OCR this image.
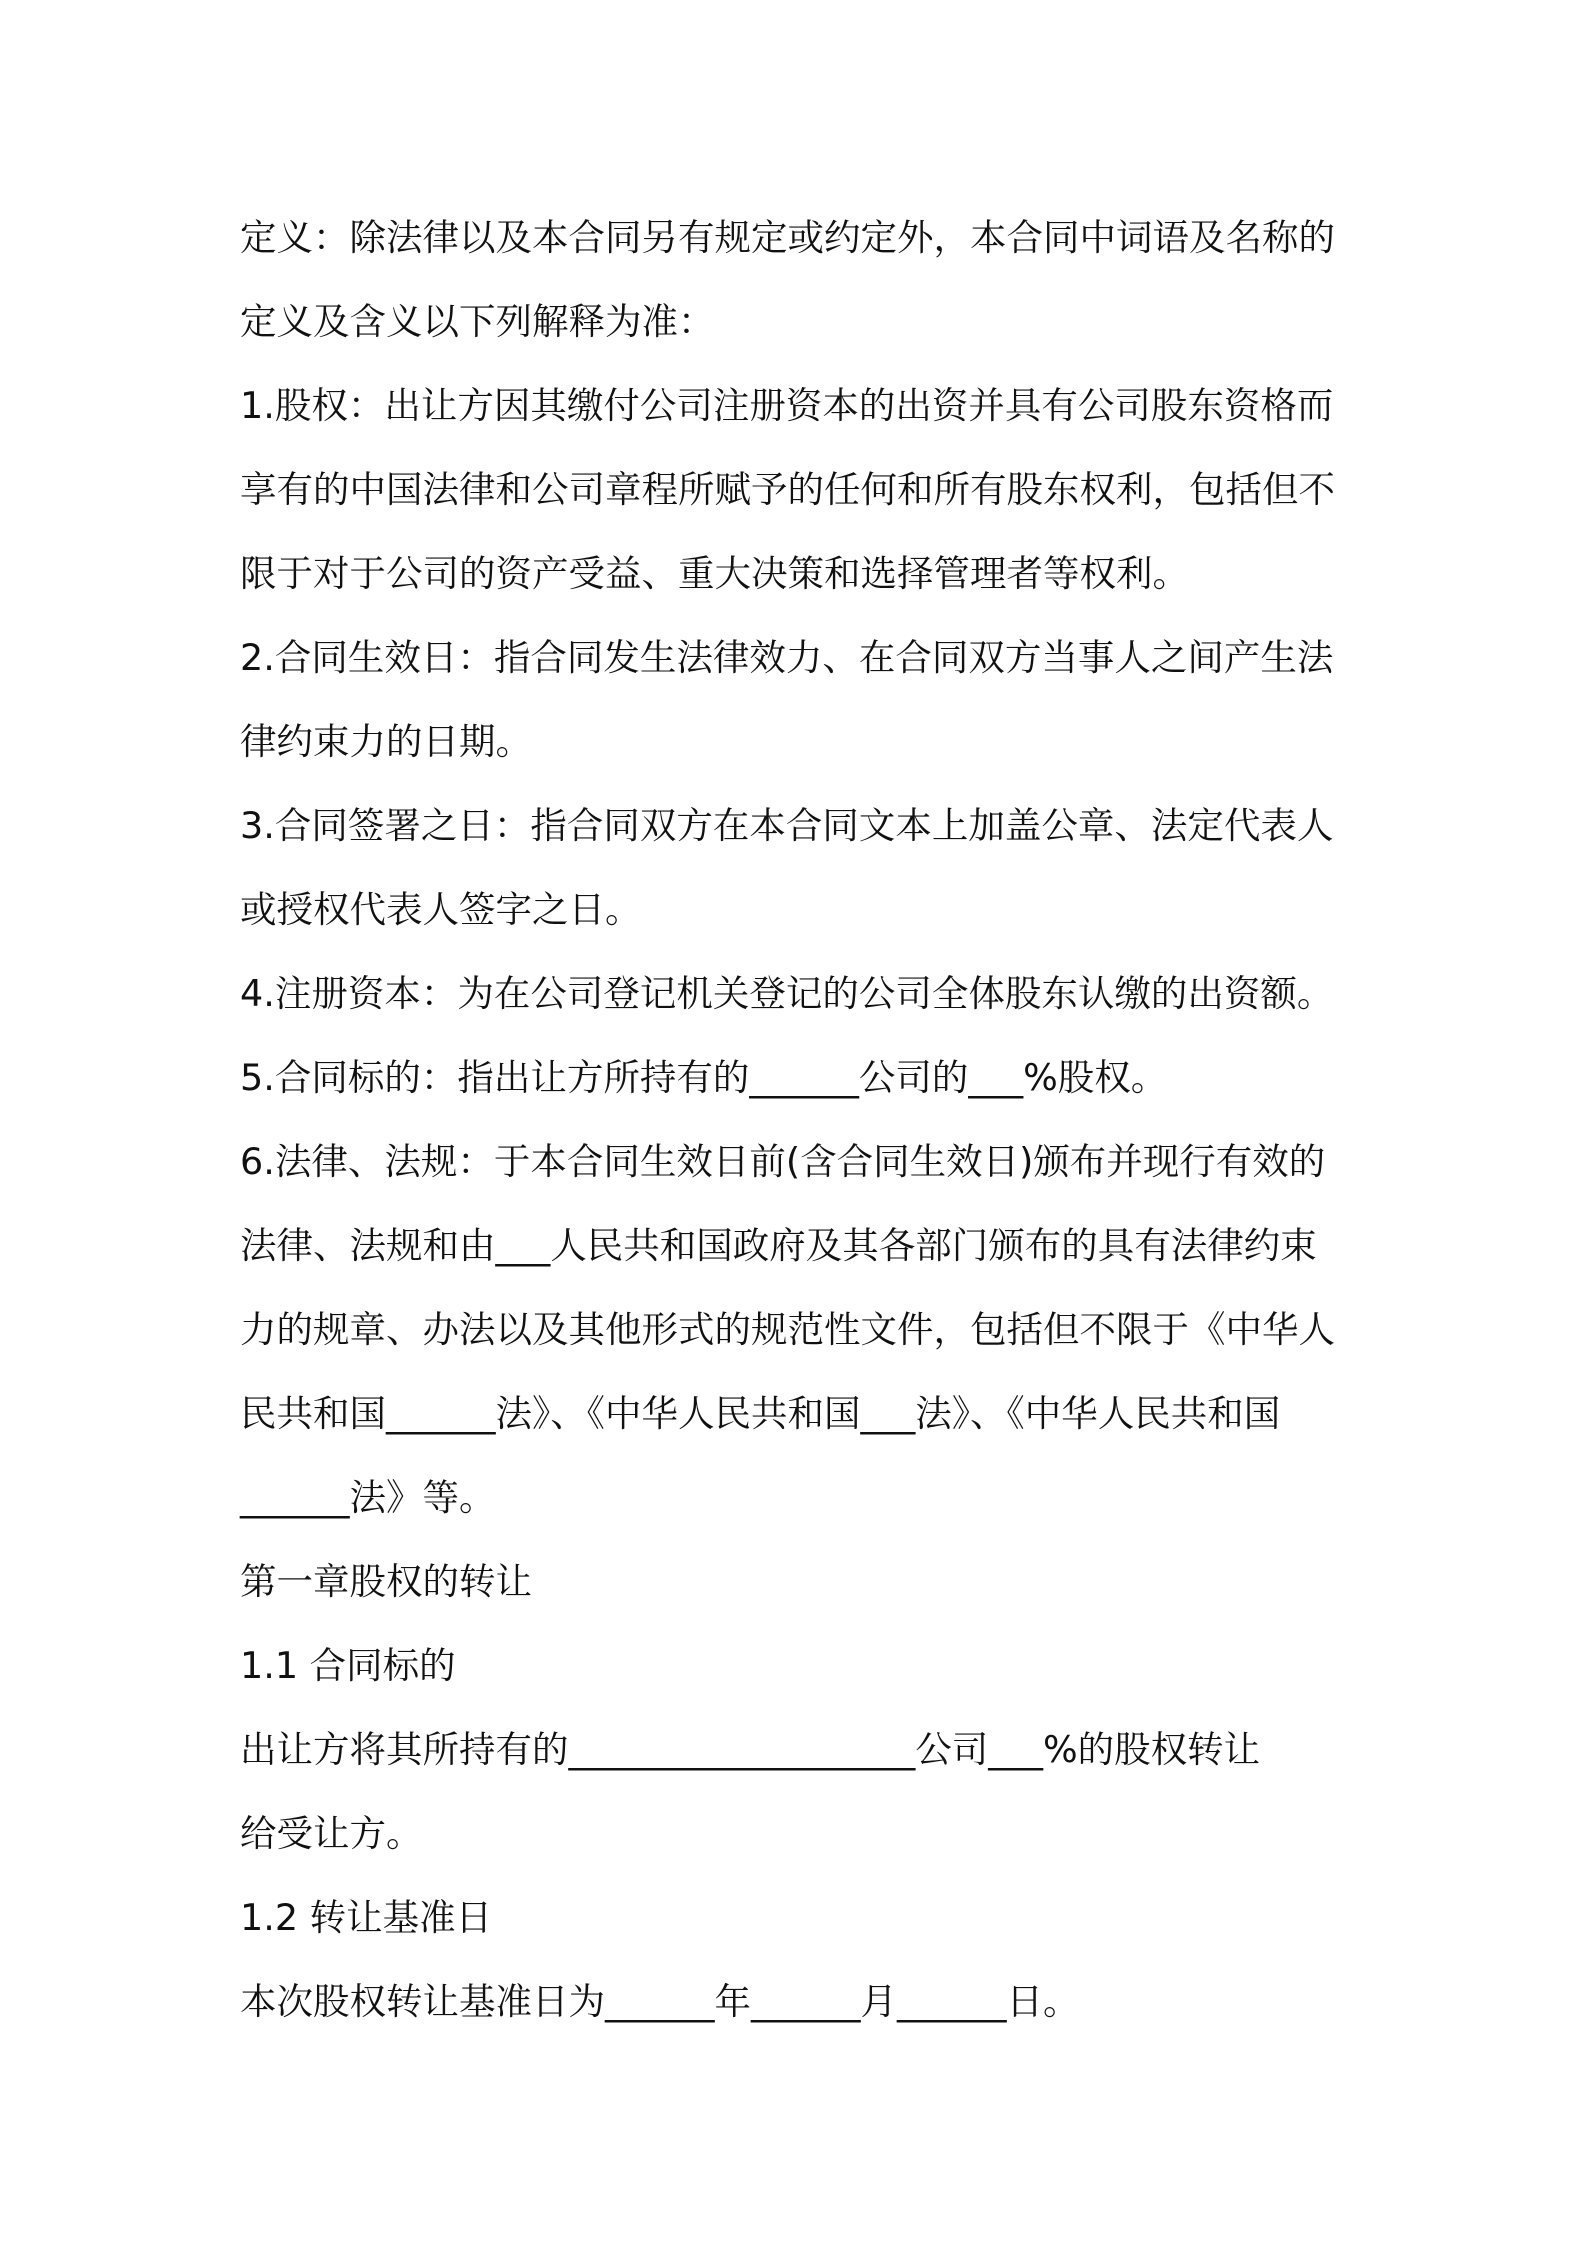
定义：除法律以及本合同另有规定或约定外，本合同中词语及名称的
定义及含义以下列解释为准：
1.股权：出让方因其缴付公司注册资本的出资并具有公司股东资格而
享有的中国法律和公司章程所赋予的任何和所有股东权利，包括但不
限于对于公司的资产受益、重大决策和选择管理者等权利。
2.合同生效日：指合同发生法律效力、在合同双方当事人之间产生法
律约束力的日期。
3.合同签署之日：指合同双方在本合同文本上加盖公章、法定代表人
或授权代表人签字之日。
4.注册资本：为在公司登记机关登记的公司全体股东认缴的出资额。
5.合同标的：指出让方所持有的______公司的___%股权。
6.法律、法规：于本合同生效日前(含合同生效日)颁布并现行有效的
法律、法规和由___人民共和国政府及其各部门颁布的具有法律约束
力的规章、办法以及其他形式的规范性文件，包括但不限于《中华人
民共和国______法》、《中华人民共和国___法》、《中华人民共和国
______法》等。
第一章股权的转让
1.1 合同标的
出让方将其所持有的___________________公司___%的股权转让
给受让方。
1.2 转让基准日
本次股权转让基准日为______年______月______日。
